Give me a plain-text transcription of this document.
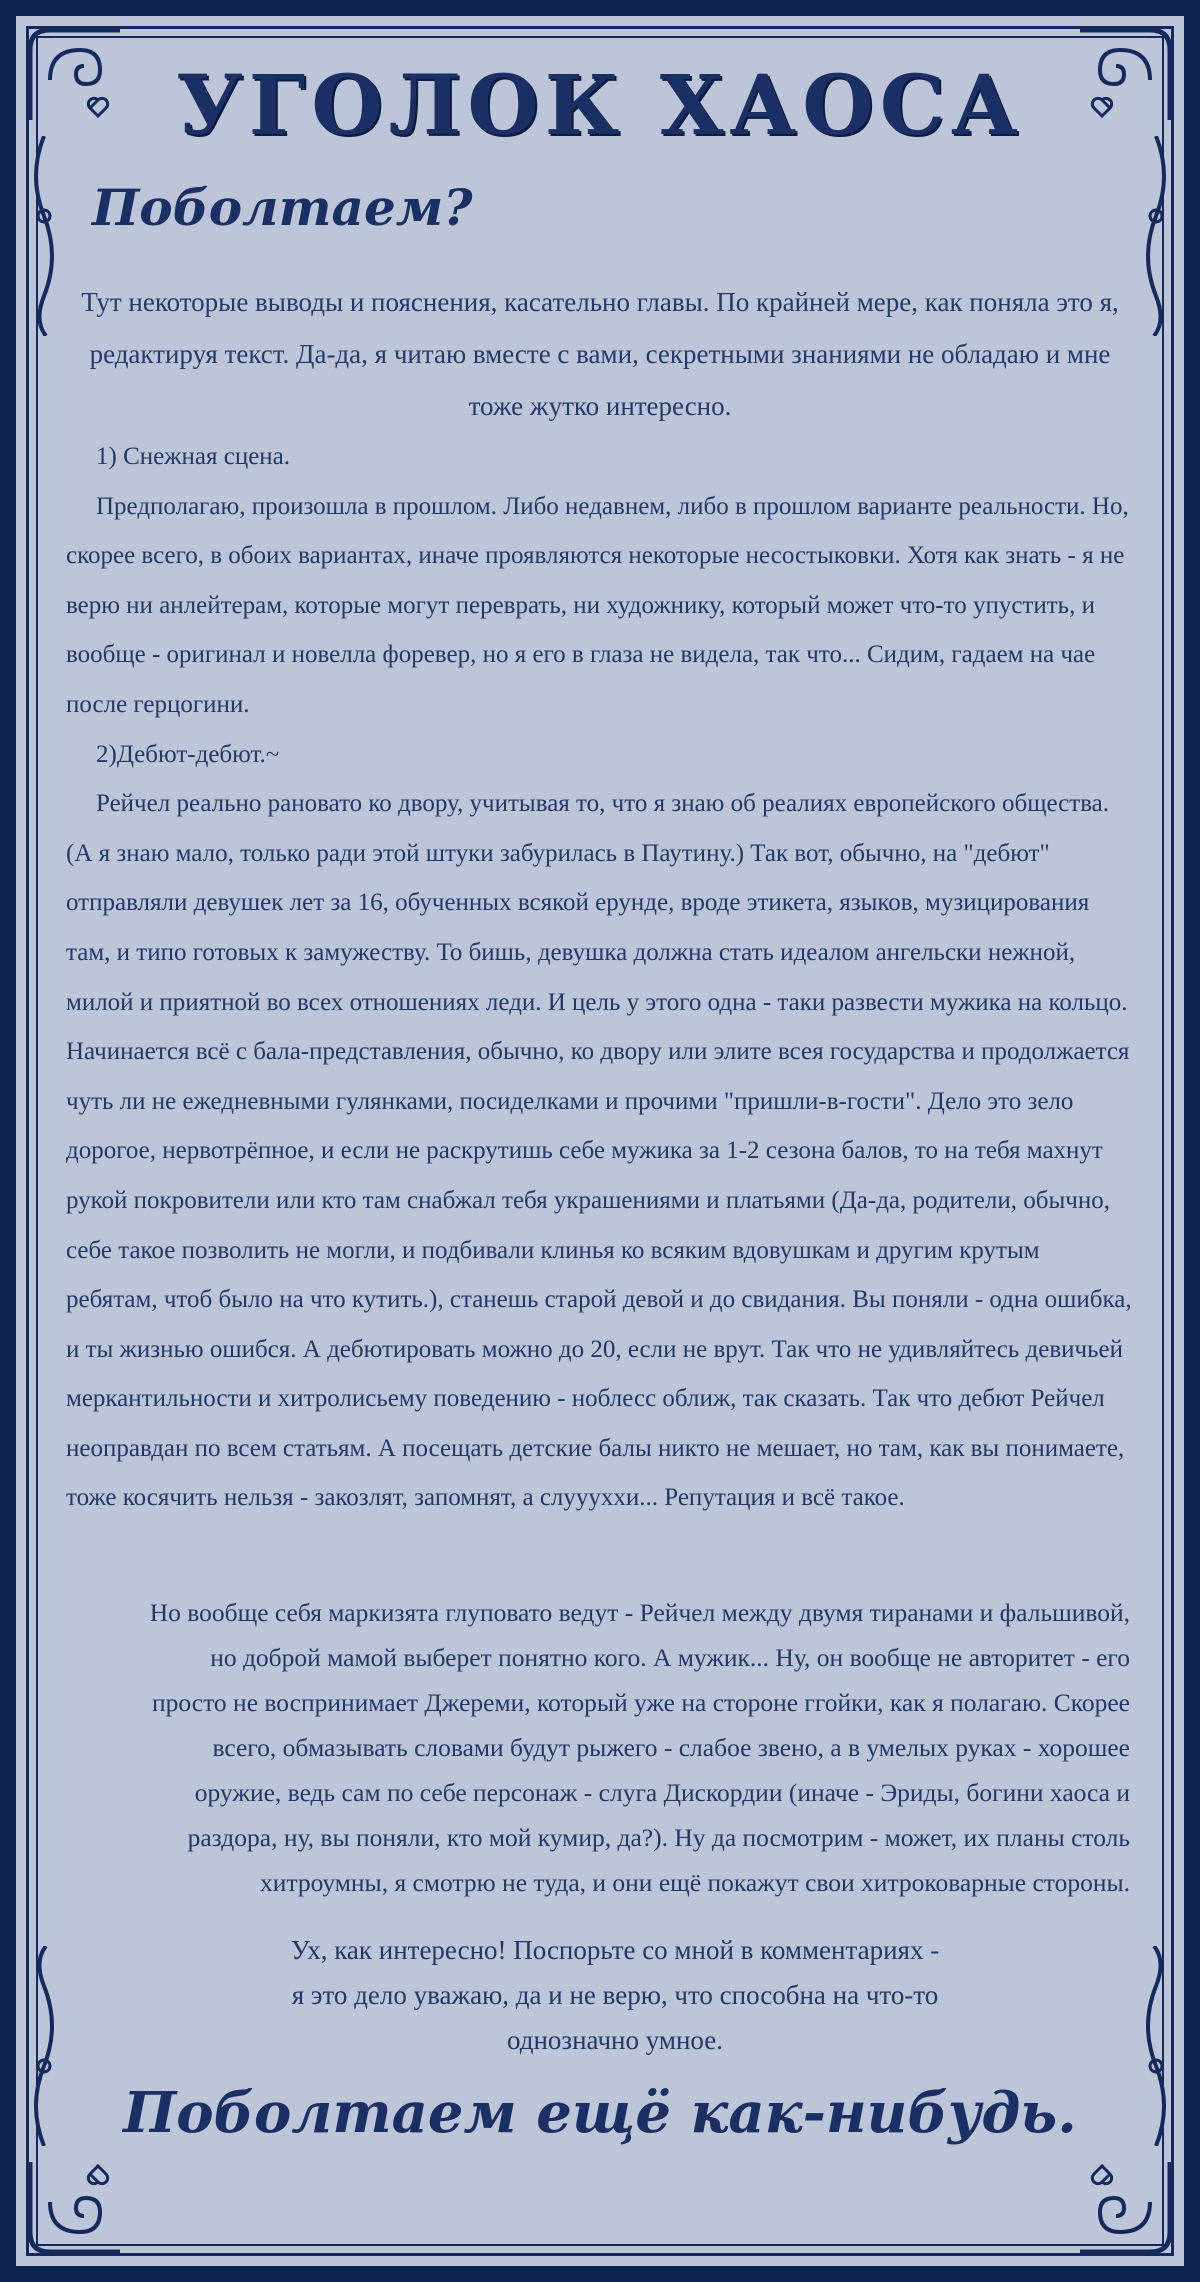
УГОЛОК ХАОСА
Поболтаем?
Тут некоторые выводы и пояснения, касательно главы. По крайней мере, как поняла это я, редактируя текст. Да-да, я читаю вместе с вами, секретными знаниями не обладаю и мне тоже жутко интересно.

1) Снежная сцена.

Предполагаю, произошла в прошлом. Либо недавнем, либо в прошлом варианте реальности. Но, скорее всего, в обоих вариантах, иначе проявляются некоторые несостыковки. Хотя как знать - я не верю ни анлейтерам, которые могут переврать, ни художнику, который может что-то упустить, и вообще - оригинал и новелла форевер, но я его в глаза не видела, так что... Сидим, гадаем на чае после герцогини.

2)Дебют-дебют.~

Рейчел реально рановато ко двору, учитывая то, что я знаю об реалиях европейского общества. (А я знаю мало, только ради этой штуки забурилась в Паутину.) Так вот, обычно, на "дебют" отправляли девушек лет за 16, обученных всякой ерунде, вроде этикета, языков, музицирования там, и типо готовых к замужеству. То бишь, девушка должна стать идеалом ангельски нежной, милой и приятной во всех отношениях леди. И цель у этого одна - таки развести мужика на кольцо. Начинается всё с бала-представления, обычно, ко двору или элите всея государства и продолжается чуть ли не ежедневными гулянками, посиделками и прочими "пришли-в-гости". Дело это зело дорогое, нервотрёпное, и если не раскрутишь себе мужика за 1-2 сезона балов, то на тебя махнут рукой покровители или кто там снабжал тебя украшениями и платьями (Да-да, родители, обычно, себе такое позволить не могли, и подбивали клинья ко всяким вдовушкам и другим крутым ребятам, чтоб было на что кутить.), станешь старой девой и до свидания. Вы поняли - одна ошибка, и ты жизнью ошибся. А дебютировать можно до 20, если не врут. Так что не удивляйтесь девичьей меркантильности и хитролисьему поведению - ноблесс оближ, так сказать. Так что дебют Рейчел неоправдан по всем статьям. А посещать детские балы никто не мешает, но там, как вы понимаете, тоже косячить нельзя - закозлят, запомнят, а слуууххи... Репутация и всё такое.

Но вообще себя маркизята глуповато ведут - Рейчел между двумя тиранами и фальшивой, но доброй мамой выберет понятно кого. А мужик... Ну, он вообще не авторитет - его просто не воспринимает Джереми, который уже на стороне ггойки, как я полагаю. Скорее всего, обмазывать словами будут рыжего - слабое звено, а в умелых руках - хорошее оружие, ведь сам по себе персонаж - слуга Дискордии (иначе - Эриды, богини хаоса и раздора, ну, вы поняли, кто мой кумир, да?). Ну да посмотрим - может, их планы столь хитроумны, я смотрю не туда, и они ещё покажут свои хитроковарные стороны.

Ух, как интересно! Поспорьте со мной в комментариях -
я это дело уважаю, да и не верю, что способна на что-то
однозначно умное.
Поболтаем ещё как-нибудь.
